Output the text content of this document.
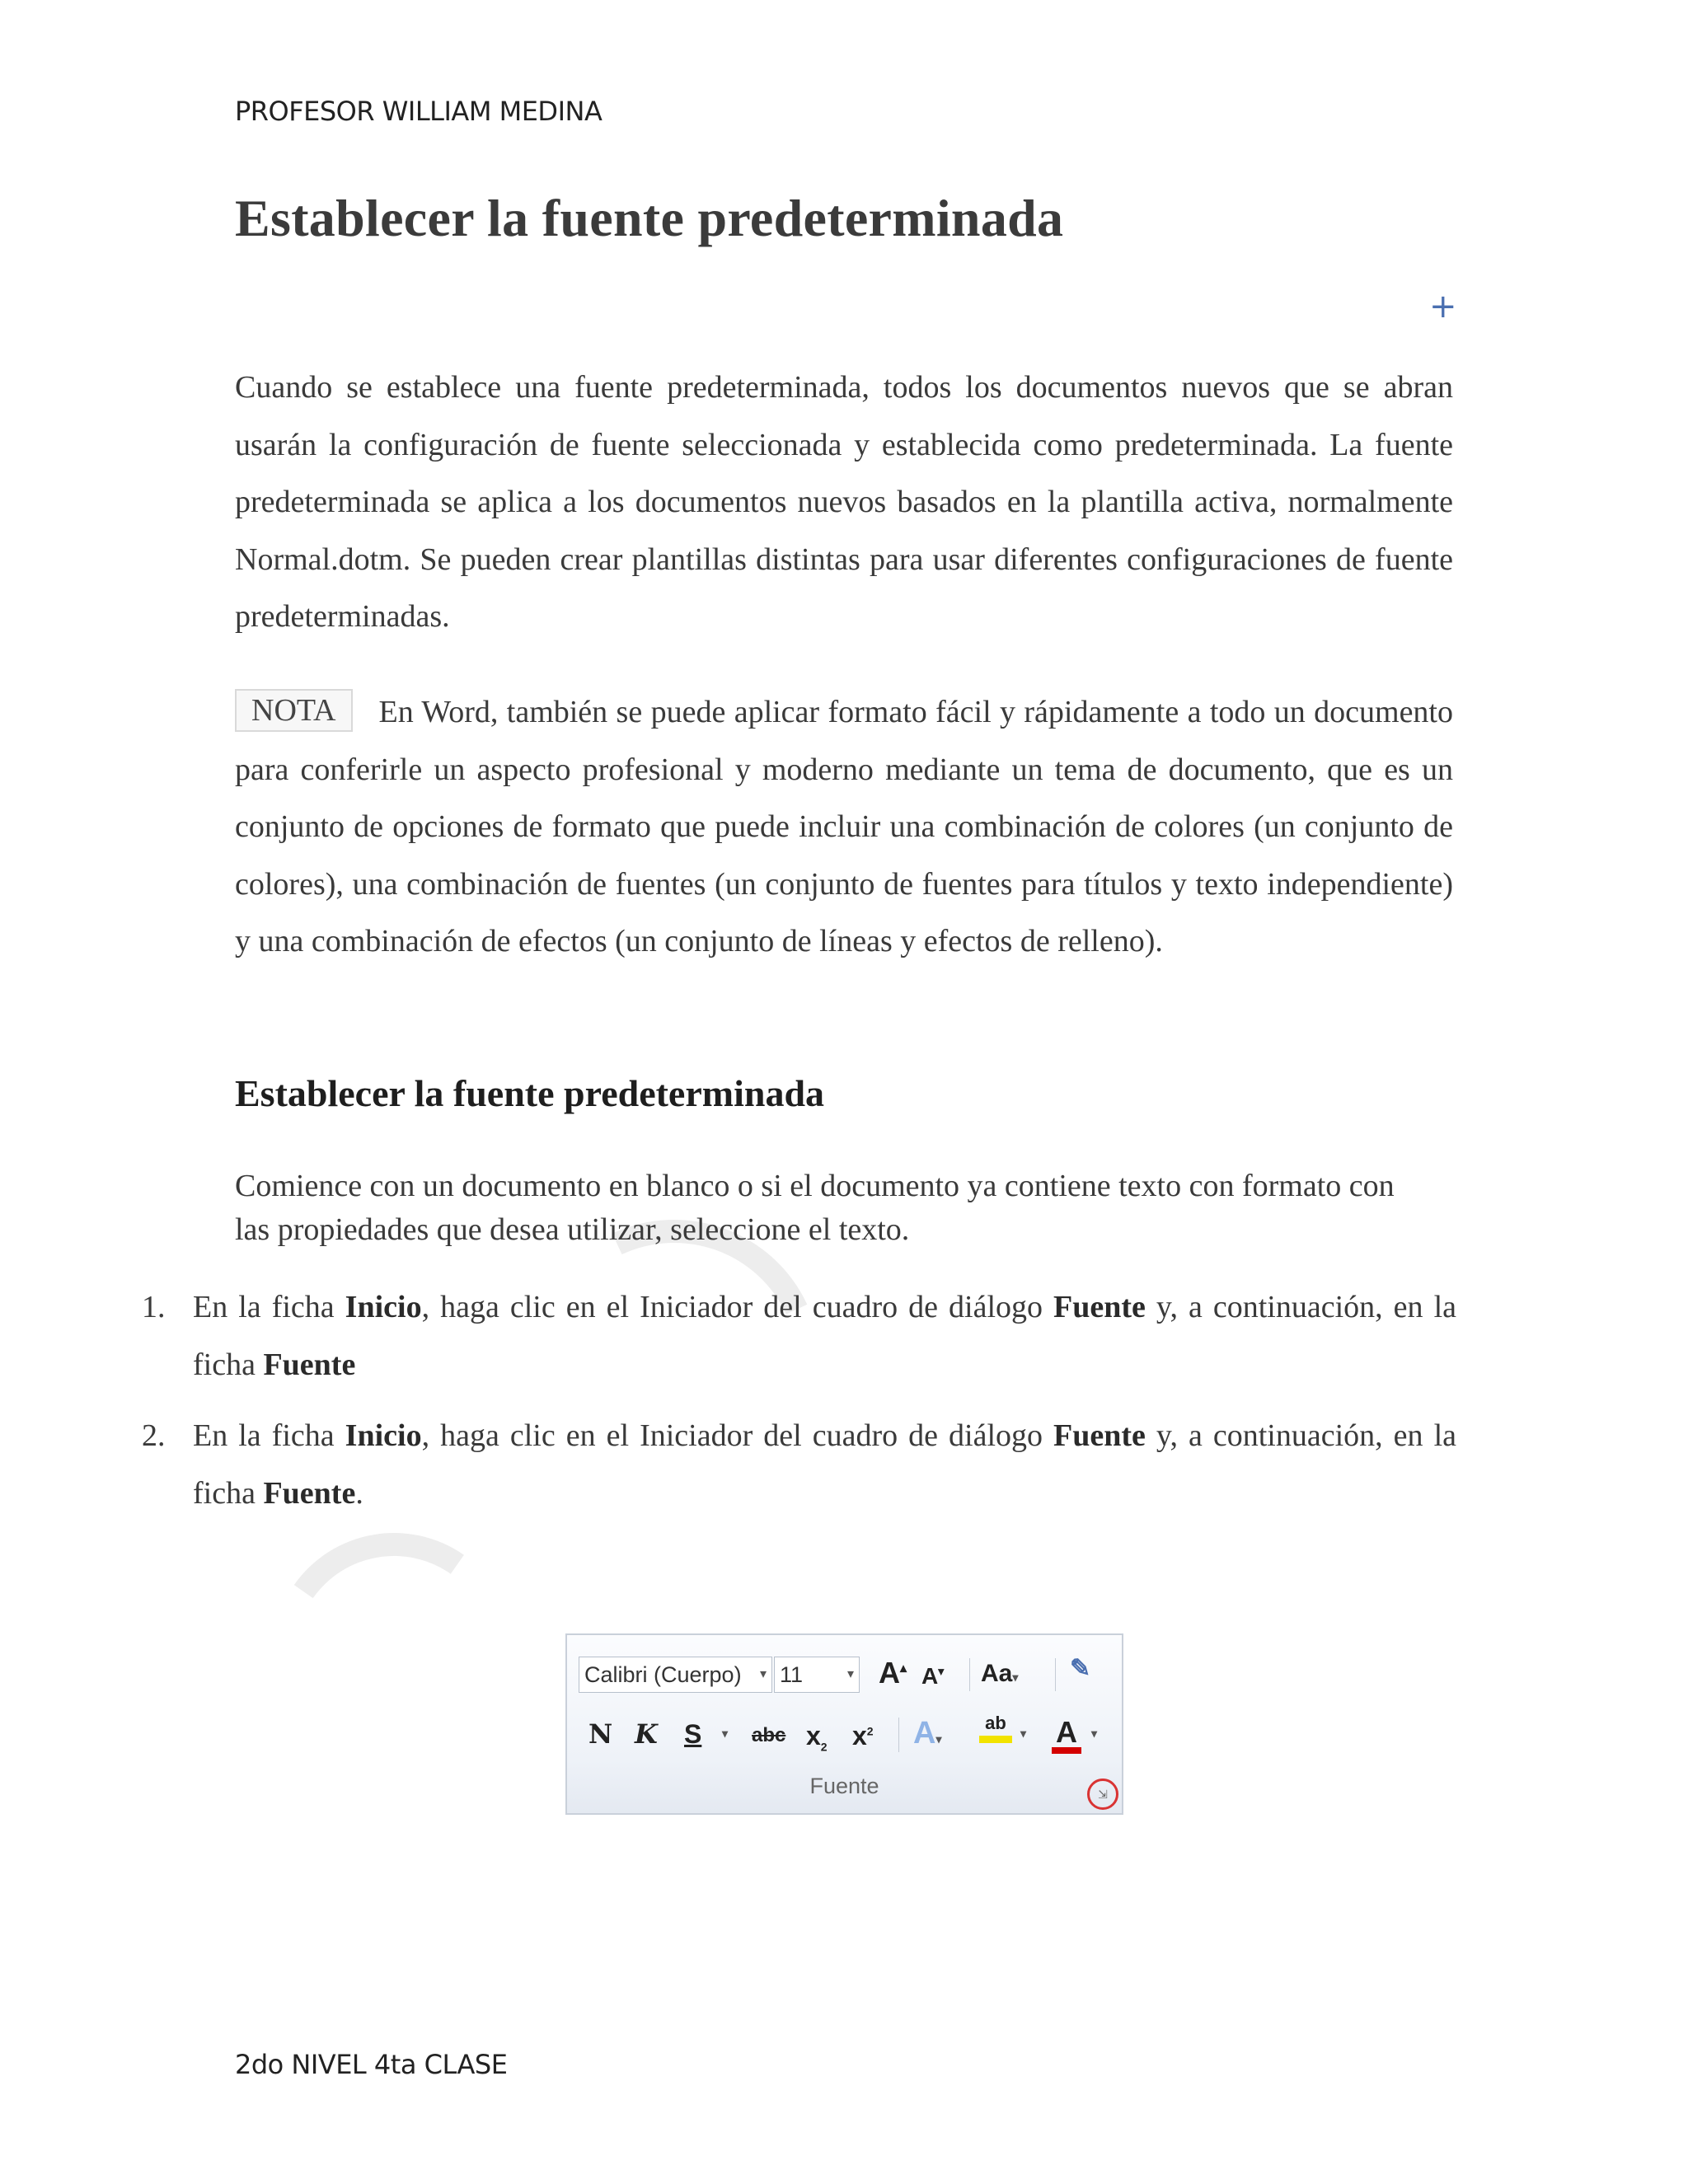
PROFESOR WILLIAM MEDINA
Establecer la fuente predeterminada
+

Cuando se establece una fuente predeterminada, todos los documentos nuevos que se abran usarán la configuración de fuente seleccionada y establecida como predeterminada. La fuente predeterminada se aplica a los documentos nuevos basados en la plantilla activa, normalmente Normal.dotm. Se pueden crear plantillas distintas para usar diferentes configuraciones de fuente predeterminadas.

NOTA En Word, también se puede aplicar formato fácil y rápidamente a todo un documento para conferirle un aspecto profesional y moderno mediante un tema de documento, que es un conjunto de opciones de formato que puede incluir una combinación de colores (un conjunto de colores), una combinación de fuentes (un conjunto de fuentes para títulos y texto independiente) y una combinación de efectos (un conjunto de líneas y efectos de relleno).

Establecer la fuente predeterminada

Comience con un documento en blanco o si el documento ya contiene texto con formato con las propiedades que desea utilizar, seleccione el texto.

1. En la ficha Inicio, haga clic en el Iniciador del cuadro de diálogo Fuente y, a continuación, en la ficha Fuente
2. En la ficha Inicio, haga clic en el Iniciador del cuadro de diálogo Fuente y, a continuación, en la ficha Fuente.
Calibri (Cuerpo) ▾ 11	▾ A▴ A▾ Aa▾ ✎
N K S ▾ abc $x_2$ $x^2$ A▾
ab	▾ A	▾
Fuente	⇲
2do NIVEL 4ta CLASE
